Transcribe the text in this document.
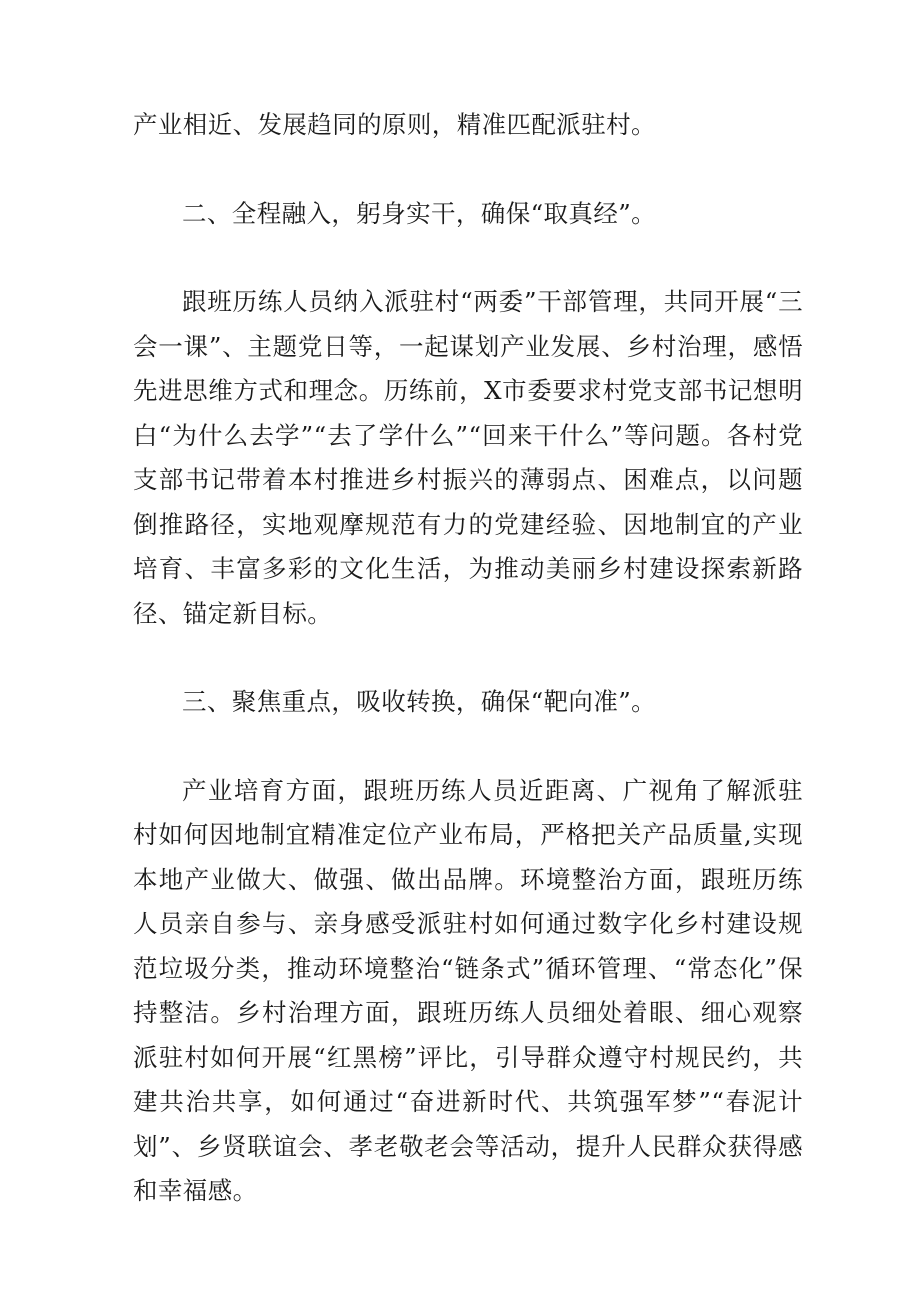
产业相近、发展趋同的原则，精准匹配派驻村。

二、全程融入，躬身实干，确保“取真经”。

跟班历练人员纳入派驻村“两委”干部管理，共同开展“三会一课”、主题党日等，一起谋划产业发展、乡村治理，感悟先进思维方式和理念。历练前，X市委要求村党支部书记想明白“为什么去学”“去了学什么”“回来干什么”等问题。各村党支部书记带着本村推进乡村振兴的薄弱点、困难点，以问题倒推路径，实地观摩规范有力的党建经验、因地制宜的产业培育、丰富多彩的文化生活，为推动美丽乡村建设探索新路径、锚定新目标。

三、聚焦重点，吸收转换，确保“靶向准”。

产业培育方面，跟班历练人员近距离、广视角了解派驻村如何因地制宜精准定位产业布局，严格把关产品质量,实现本地产业做大、做强、做出品牌。环境整治方面，跟班历练人员亲自参与、亲身感受派驻村如何通过数字化乡村建设规范垃圾分类，推动环境整治“链条式”循环管理、“常态化”保持整洁。乡村治理方面，跟班历练人员细处着眼、细心观察派驻村如何开展“红黑榜”评比，引导群众遵守村规民约，共建共治共享，如何通过“奋进新时代、共筑强军梦”“春泥计划”、乡贤联谊会、孝老敬老会等活动，提升人民群众获得感和幸福感。
